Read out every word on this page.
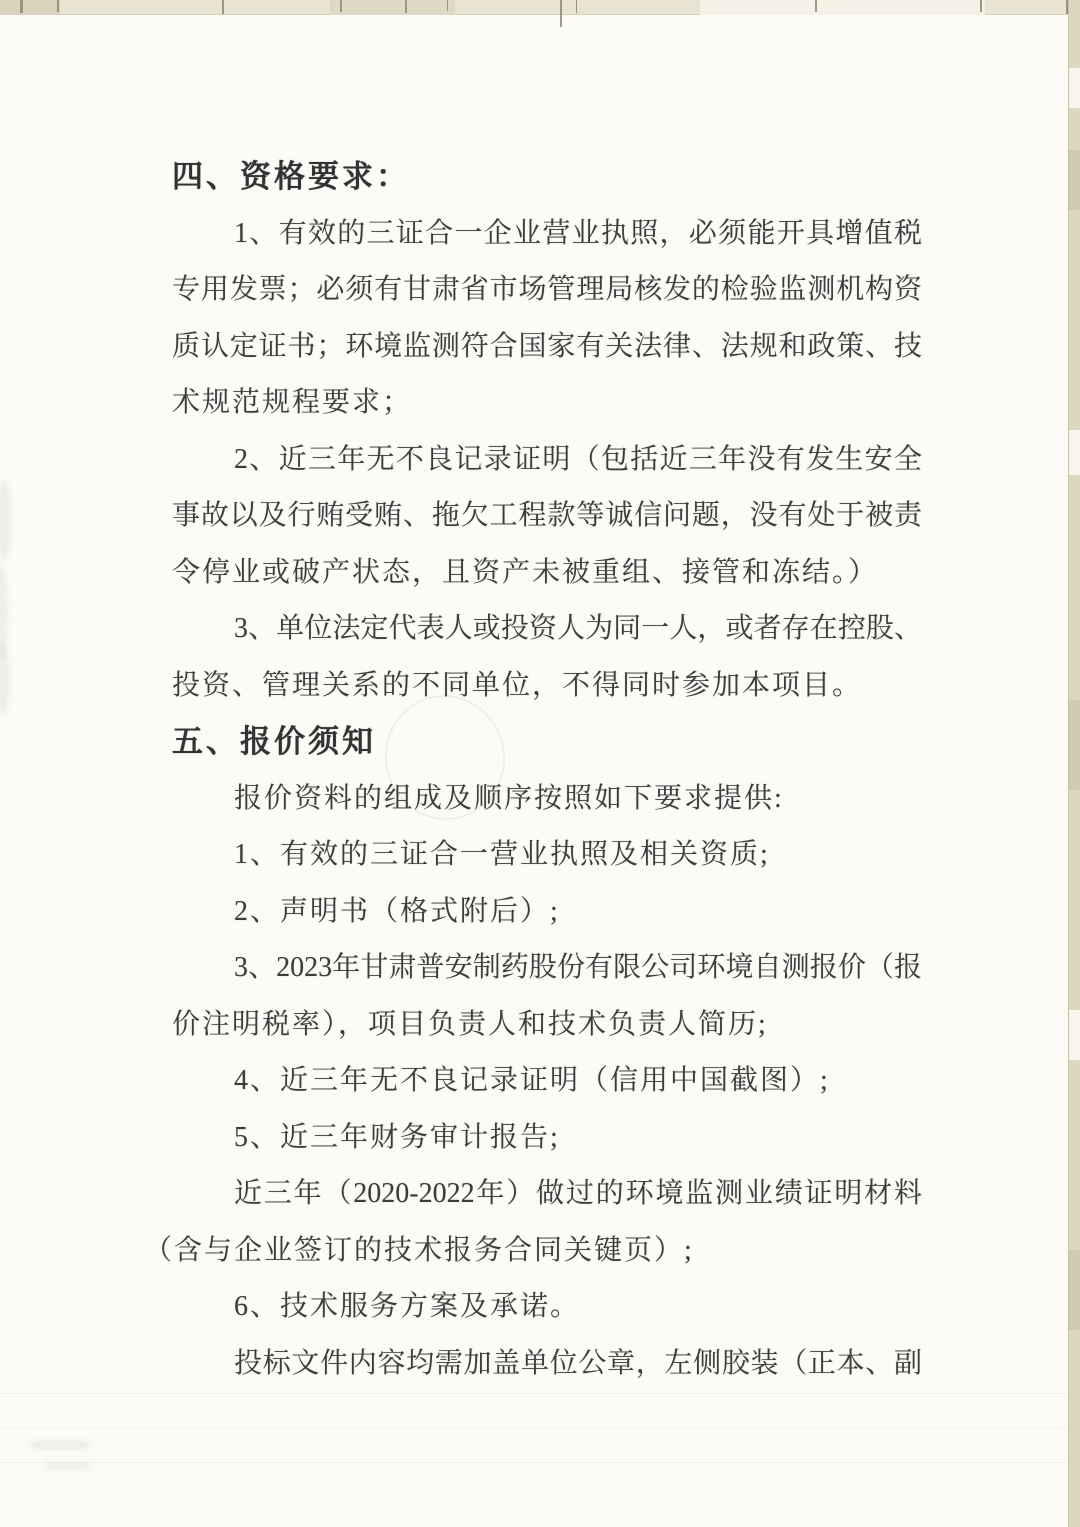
四、资格要求：
1、有效的三证合一企业营业执照，必须能开具增值税
专用发票；必须有甘肃省市场管理局核发的检验监测机构资
质认定证书；环境监测符合国家有关法律、法规和政策、技
术规范规程要求；
2、近三年无不良记录证明（包括近三年没有发生安全
事故以及行贿受贿、拖欠工程款等诚信问题，没有处于被责
令停业或破产状态，且资产未被重组、接管和冻结。）
3、单位法定代表人或投资人为同一人，或者存在控股、
投资、管理关系的不同单位，不得同时参加本项目。
五、报价须知
报价资料的组成及顺序按照如下要求提供:
1、有效的三证合一营业执照及相关资质;
2、声明书（格式附后）;
3、2023年甘肃普安制药股份有限公司环境自测报价（报
价注明税率），项目负责人和技术负责人简历;
4、近三年无不良记录证明（信用中国截图）;
5、近三年财务审计报告;
近三年（2020-2022年）做过的环境监测业绩证明材料
（含与企业签订的技术报务合同关键页）;
6、技术服务方案及承诺。
投标文件内容均需加盖单位公章，左侧胶装（正本、副
